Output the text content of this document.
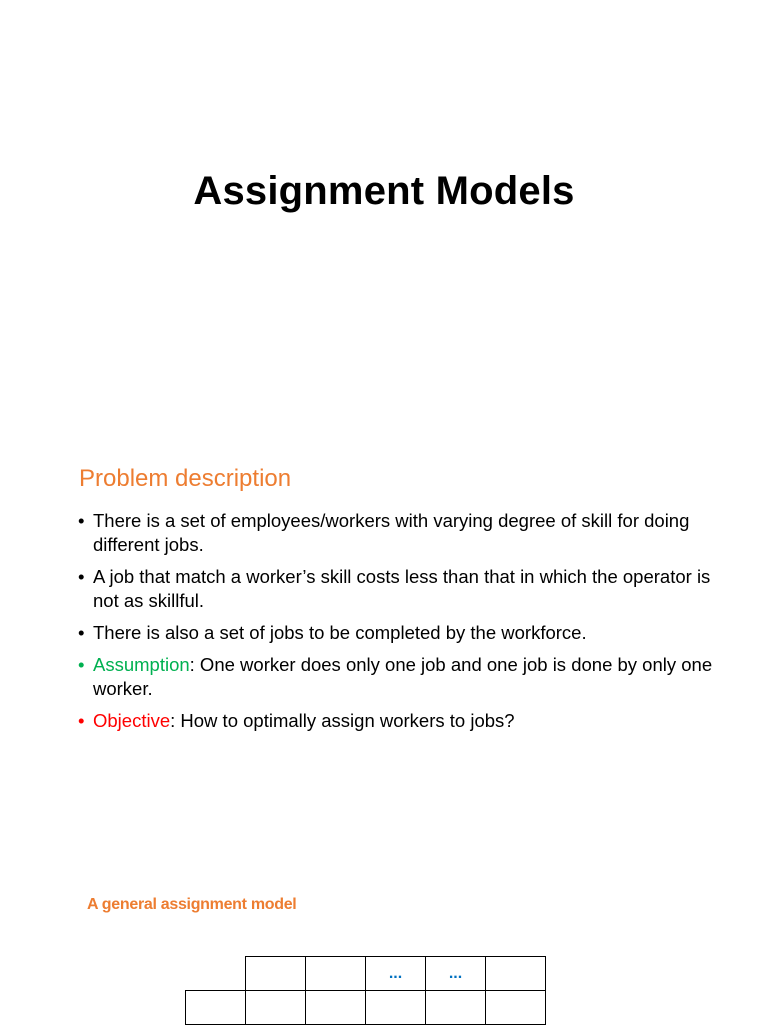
Assignment Models
Problem description
• There is a set of employees/workers with varying degree of skill for doing different jobs.
• A job that match a worker’s skill costs less than that in which the operator is not as skillful.
• There is also a set of jobs to be completed by the workforce.
• Assumption: One worker does only one job and one job is done by only one worker.
• Objective: How to optimally assign workers to jobs?
A general assignment model
			...	...	
